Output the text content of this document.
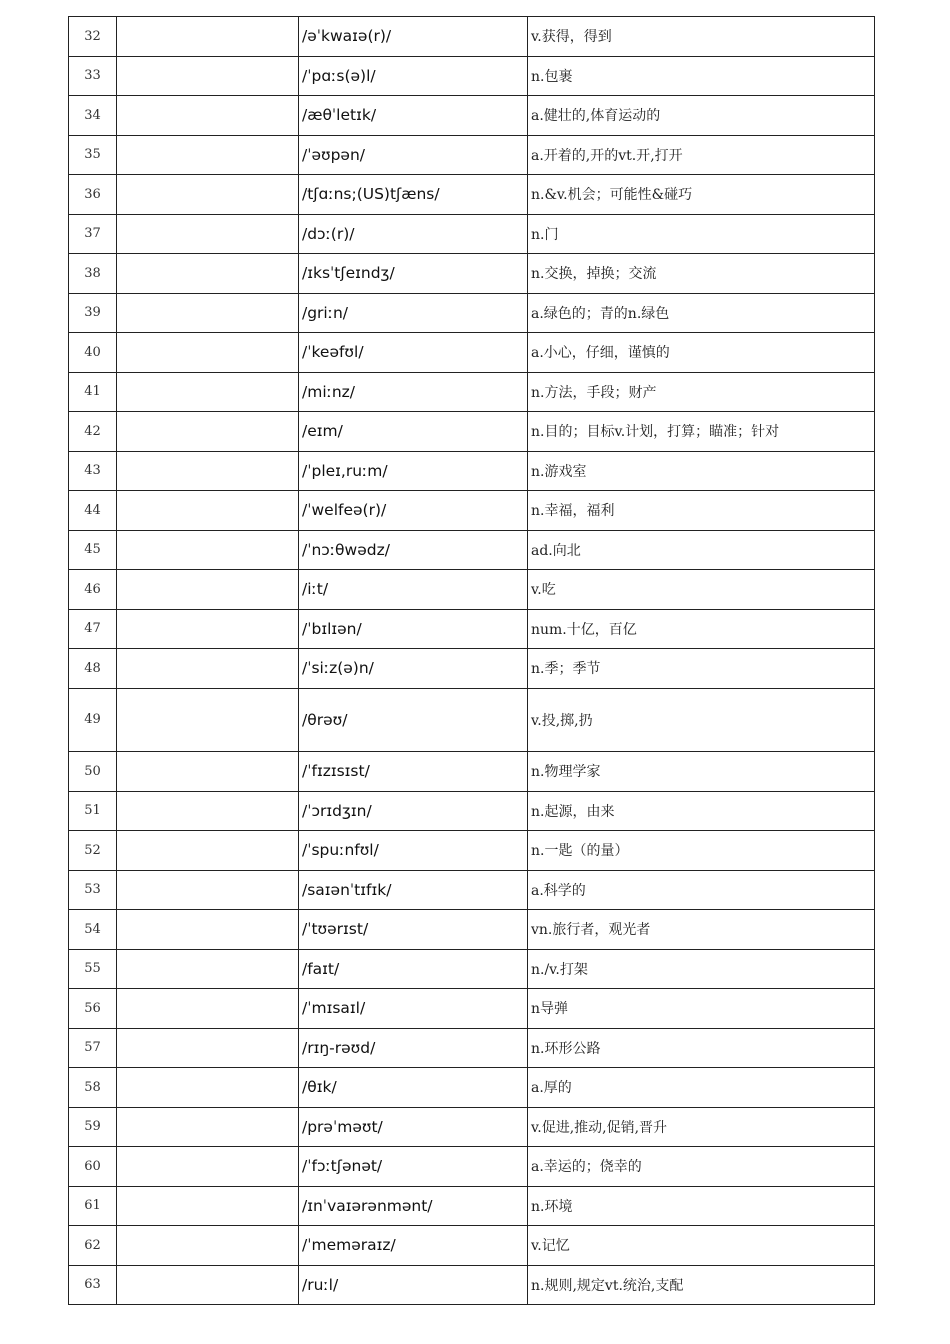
32		/əˈkwaɪə(r)/	v.获得，得到
33		/ˈpɑːs(ə)l/	n.包裹
34		/æθˈletɪk/	a.健壮的,体育运动的
35		/ˈəʊpən/	a.开着的,开的vt.开,打开
36		/tʃɑːns;(US)tʃæns/	n.&v.机会；可能性&碰巧
37		/dɔː(r)/	n.门
38		/ɪksˈtʃeɪndʒ/	n.交换，掉换；交流
39		/griːn/	a.绿色的；青的n.绿色
40		/ˈkeəfʊl/	a.小心，仔细，谨慎的
41		/miːnz/	n.方法，手段；财产
42		/eɪm/	n.目的；目标v.计划，打算；瞄准；针对
43		/ˈpleɪ,ruːm/	n.游戏室
44		/ˈwelfeə(r)/	n.幸福，福利
45		/ˈnɔːθwədz/	ad.向北
46		/iːt/	v.吃
47		/ˈbɪlɪən/	num.十亿，百亿
48		/ˈsiːz(ə)n/	n.季；季节
49		/θrəʊ/	v.投,掷,扔
50		/ˈfɪzɪsɪst/	n.物理学家
51		/ˈɔrɪdʒɪn/	n.起源，由来
52		/ˈspuːnfʊl/	n.一匙（的量）
53		/saɪənˈtɪfɪk/	a.科学的
54		/ˈtʊərɪst/	vn.旅行者，观光者
55		/faɪt/	n./v.打架
56		/ˈmɪsaɪl/	n导弹
57		/rɪŋ-rəʊd/	n.环形公路
58		/θɪk/	a.厚的
59		/prəˈməʊt/	v.促进,推动,促销,晋升
60		/ˈfɔːtʃənət/	a.幸运的；侥幸的
61		/ɪnˈvaɪərənmənt/	n.环境
62		/ˈmemərаɪz/	v.记忆
63		/ruːl/	n.规则,规定vt.统治,支配
